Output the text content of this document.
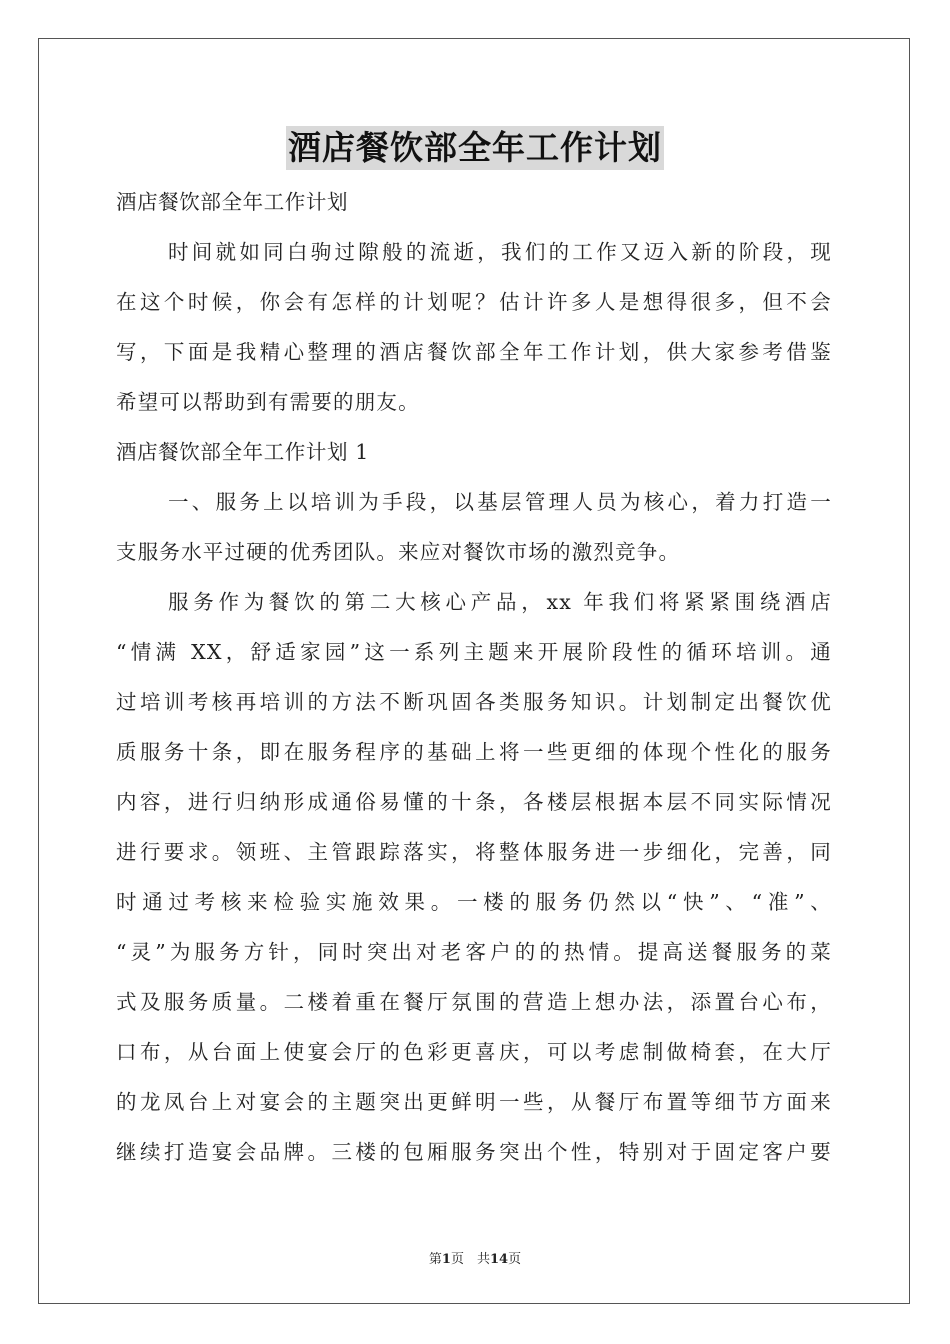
酒店餐饮部全年工作计划
酒店餐饮部全年工作计划
时间就如同白驹过隙般的流逝，我们的工作又迈入新的阶段，现
在这个时候，你会有怎样的计划呢？估计许多人是想得很多，但不会
写，下面是我精心整理的酒店餐饮部全年工作计划，供大家参考借鉴
希望可以帮助到有需要的朋友。
酒店餐饮部全年工作计划 1
一、服务上以培训为手段，以基层管理人员为核心，着力打造一
支服务水平过硬的优秀团队。来应对餐饮市场的激烈竞争。
服务作为餐饮的第二大核心产品，xx 年我们将紧紧围绕酒店
“情满 XX，舒适家园”这一系列主题来开展阶段性的循环培训。通
过培训考核再培训的方法不断巩固各类服务知识。计划制定出餐饮优
质服务十条，即在服务程序的基础上将一些更细的体现个性化的服务
内容，进行归纳形成通俗易懂的十条，各楼层根据本层不同实际情况
进行要求。领班、主管跟踪落实，将整体服务进一步细化，完善，同
时通过考核来检验实施效果。一楼的服务仍然以“快”、“准”、
“灵”为服务方针，同时突出对老客户的的热情。提高送餐服务的菜
式及服务质量。二楼着重在餐厅氛围的营造上想办法，添置台心布，
口布，从台面上使宴会厅的色彩更喜庆，可以考虑制做椅套，在大厅
的龙凤台上对宴会的主题突出更鲜明一些，从餐厅布置等细节方面来
继续打造宴会品牌。三楼的包厢服务突出个性，特别对于固定客户要
第1页　共14页
